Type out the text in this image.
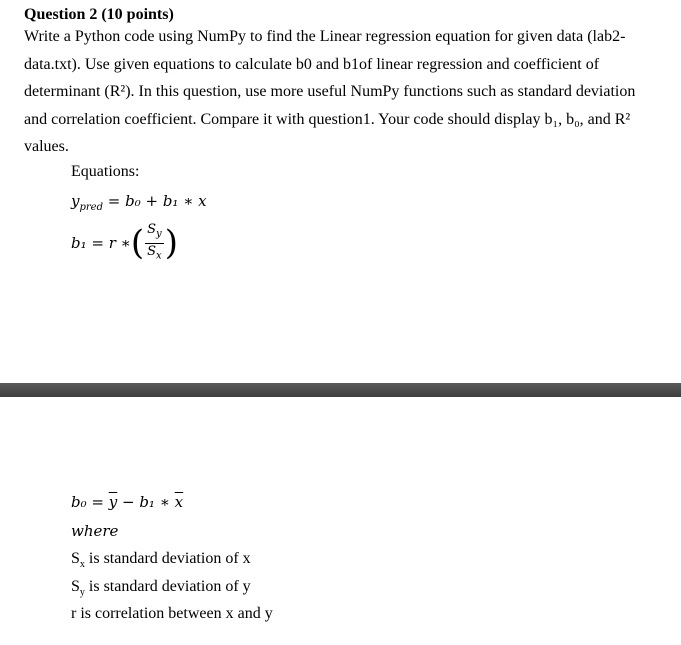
Question 2 (10 points)

Write a Python code using NumPy to find the Linear regression equation for given data (lab2-

data.txt). Use given equations to calculate b0 and b1of linear regression and coefficient of

determinant (R²). In this question, use more useful NumPy functions such as standard deviation

and correlation coefficient. Compare it with question1. Your code should display b₁, b₀, and R²

values.

Equations:
$y_{pred} = b_0 + b_1$ ∗ x
b₁ = r ∗ ( $\frac{S_y}{S_x}$ )
$b_0 = \overline{y} - b_1$ ∗ $\overline{x}$
where
$S_x$ is standard deviation of x
$S_y$ is standard deviation of y
r is correlation between x and y
